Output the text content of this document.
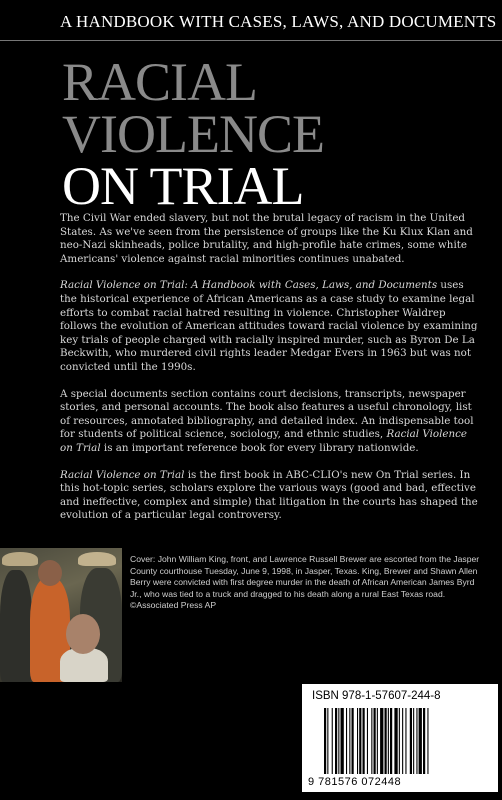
A HANDBOOK WITH CASES, LAWS, AND DOCUMENTS
RACIAL
VIOLENCE
ON TRIAL

The Civil War ended slavery, but not the brutal legacy of racism in the United States. As we've seen from the persistence of groups like the Ku Klux Klan and neo-Nazi skinheads, police brutality, and high-profile hate crimes, some white Americans' violence against racial minorities continues unabated.

Racial Violence on Trial: A Handbook with Cases, Laws, and Documents uses the historical experience of African Americans as a case study to examine legal efforts to combat racial hatred resulting in violence. Christopher Waldrep follows the evolution of American attitudes toward racial violence by examining key trials of people charged with racially inspired murder, such as Byron De La Beckwith, who murdered civil rights leader Medgar Evers in 1963 but was not convicted until the 1990s.

A special documents section contains court decisions, transcripts, newspaper stories, and personal accounts. The book also features a useful chronology, list of resources, annotated bibliography, and detailed index. An indispensable tool for students of political science, sociology, and ethnic studies, Racial Violence on Trial is an important reference book for every library nationwide.

Racial Violence on Trial is the first book in ABC-CLIO's new On Trial series. In this hot-topic series, scholars explore the various ways (good and bad, effective and ineffective, complex and simple) that litigation in the courts has shaped the evolution of a particular legal controversy.

Cover: John William King, front, and Lawrence Russell Brewer are escorted from the Jasper County courthouse Tuesday, June 9, 1998, in Jasper, Texas. King, Brewer and Shawn Allen Berry were convicted with first degree murder in the death of African American James Byrd Jr., who was tied to a truck and dragged to his death along a rural East Texas road. ©Associated Press AP
ISBN 978-1-57607-244-8
9 781576 072448
